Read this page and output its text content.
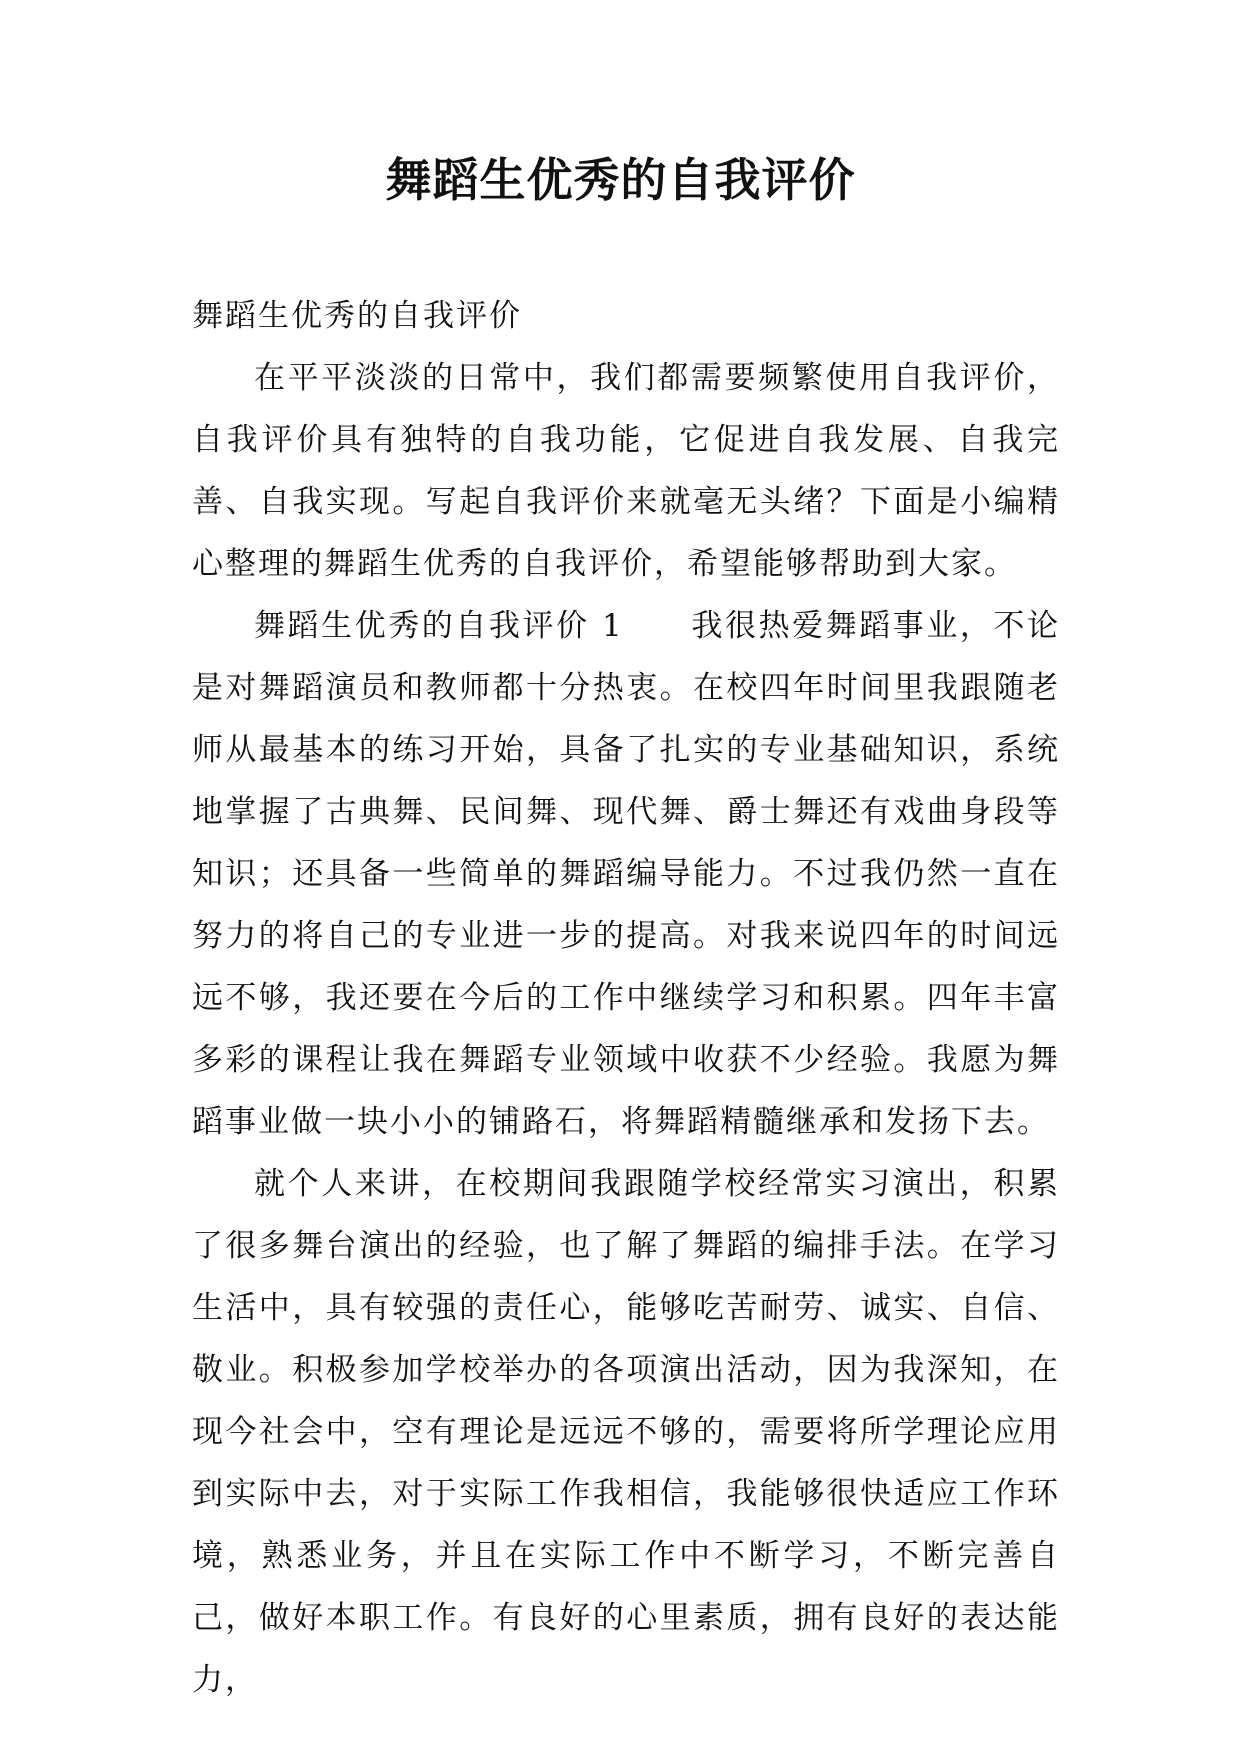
舞蹈生优秀的自我评价

舞蹈生优秀的自我评价

在平平淡淡的日常中，我们都需要频繁使用自我评价，自我评价具有独特的自我功能，它促进自我发展、自我完善、自我实现。写起自我评价来就毫无头绪？下面是小编精心整理的舞蹈生优秀的自我评价，希望能够帮助到大家。

舞蹈生优秀的自我评价 1　　我很热爱舞蹈事业，不论是对舞蹈演员和教师都十分热衷。在校四年时间里我跟随老师从最基本的练习开始，具备了扎实的专业基础知识，系统地掌握了古典舞、民间舞、现代舞、爵士舞还有戏曲身段等知识；还具备一些简单的舞蹈编导能力。不过我仍然一直在努力的将自己的专业进一步的提高。对我来说四年的时间远远不够，我还要在今后的工作中继续学习和积累。四年丰富多彩的课程让我在舞蹈专业领域中收获不少经验。我愿为舞蹈事业做一块小小的铺路石，将舞蹈精髓继承和发扬下去。

就个人来讲，在校期间我跟随学校经常实习演出，积累了很多舞台演出的经验，也了解了舞蹈的编排手法。在学习生活中，具有较强的责任心，能够吃苦耐劳、诚实、自信、敬业。积极参加学校举办的各项演出活动，因为我深知，在现今社会中，空有理论是远远不够的，需要将所学理论应用到实际中去，对于实际工作我相信，我能够很快适应工作环境，熟悉业务，并且在实际工作中不断学习，不断完善自己，做好本职工作。有良好的心里素质，拥有良好的表达能力，
